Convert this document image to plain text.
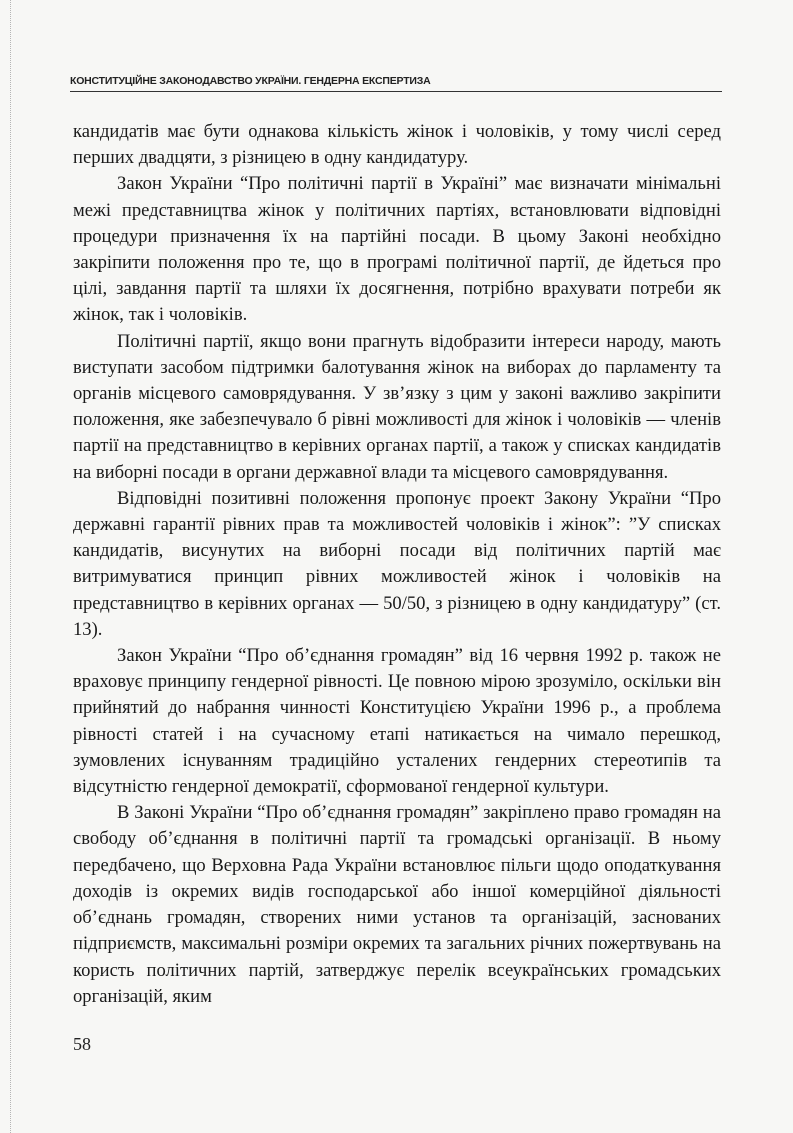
КОНСТИТУЦІЙНЕ ЗАКОНОДАВСТВО УКРАЇНИ. ГЕНДЕРНА ЕКСПЕРТИЗА

кандидатів має бути однакова кількість жінок і чоловіків, у тому числі серед перших двадцяти, з різницею в одну кандидатуру.

Закон України “Про політичні партії в Україні” має визначати мінімальні межі представництва жінок у політичних партіях, встановлювати відповідні процедури призначення їх на партійні посади. В цьому Законі необхідно закріпити положення про те, що в програмі політичної партії, де йдеться про цілі, завдання партії та шляхи їх досягнення, потрібно врахувати потреби як жінок, так і чоловіків.

Політичні партії, якщо вони прагнуть відобразити інтереси народу, мають виступати засобом підтримки балотування жінок на виборах до парламенту та органів місцевого самоврядування. У зв’язку з цим у законі важливо закріпити положення, яке забезпечувало б рівні можливості для жінок і чоловіків — членів партії на представництво в керівних органах партії, а також у списках кандидатів на виборні посади в органи державної влади та місцевого самоврядування.

Відповідні позитивні положення пропонує проект Закону України “Про державні гарантії рівних прав та можливостей чоловіків і жінок”: ”У списках кандидатів, висунутих на виборні посади від політичних партій має витримуватися принцип рівних можливостей жінок і чоловіків на представництво в керівних органах — 50/50, з різницею в одну кандидатуру” (ст. 13).

Закон України “Про об’єднання громадян” від 16 червня 1992 р. також не враховує принципу гендерної рівності. Це повною мірою зрозуміло, оскільки він прийнятий до набрання чинності Конституцією України 1996 р., а проблема рівності статей і на сучасному етапі натикається на чимало перешкод, зумовлених існуванням традиційно усталених гендерних стереотипів та відсутністю гендерної демократії, сформованої гендерної культури.

В Законі України “Про об’єднання громадян” закріплено право громадян на свободу об’єднання в політичні партії та громадські організації. В ньому передбачено, що Верховна Рада України встановлює пільги щодо оподаткування доходів із окремих видів господарської або іншої комерційної діяльності об’єднань громадян, створених ними установ та організацій, заснованих підприємств, максимальні розміри окремих та загальних річних пожертвувань на користь політичних партій, затверджує перелік всеукраїнських громадських організацій, яким

58
